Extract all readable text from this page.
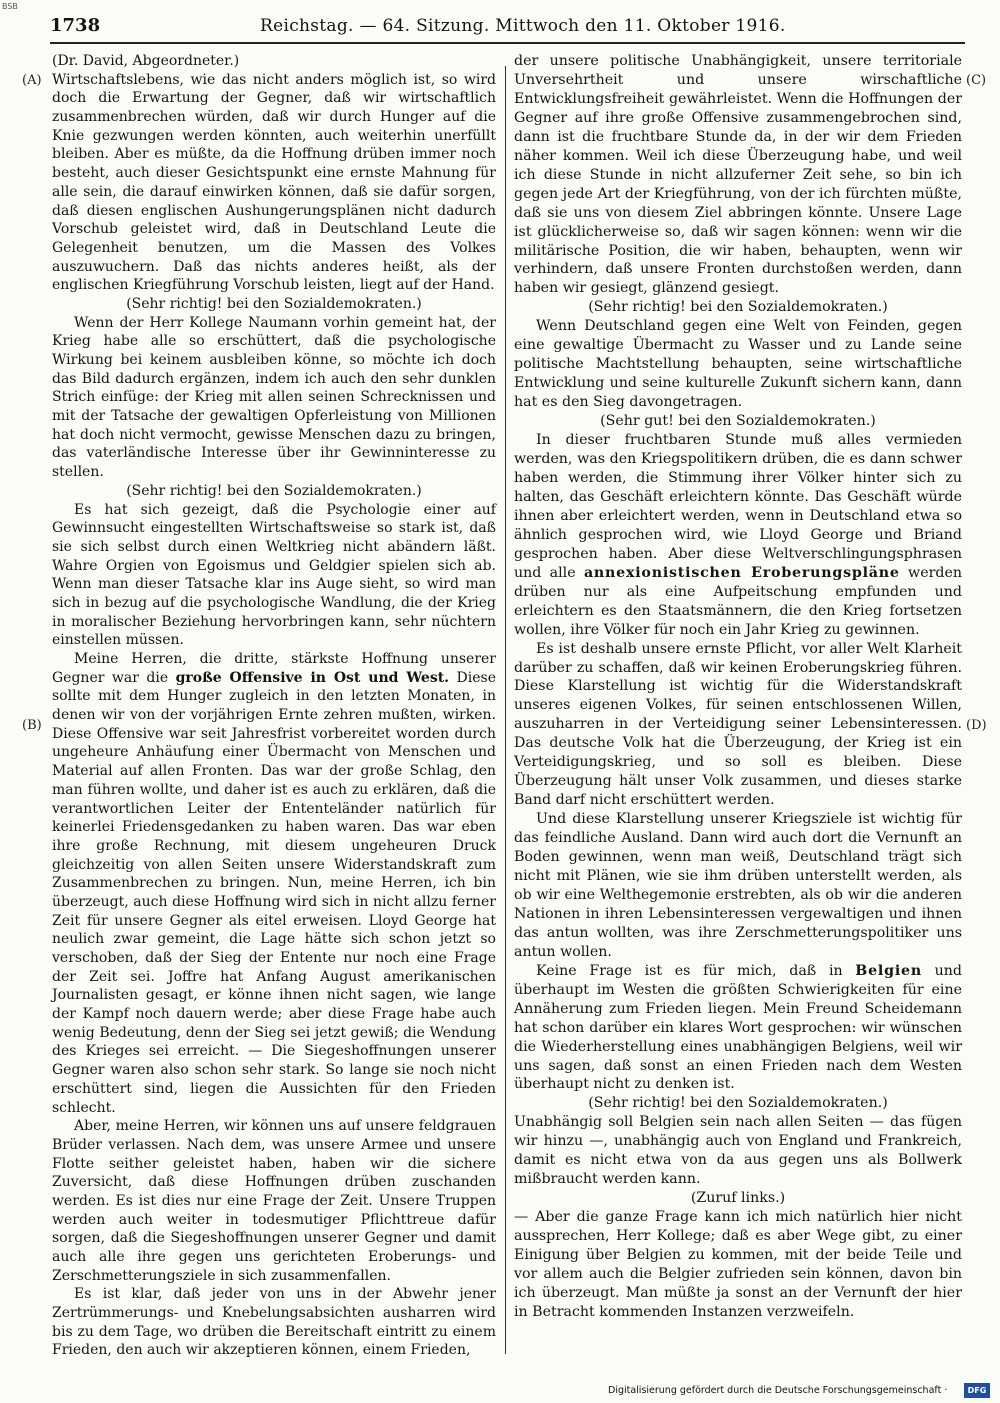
BSB
1738	Reichstag. — 64. Sitzung. Mittwoch den 11. Oktober 1916.
(A)
(B)
(C)
(D)
(Dr. David, Abgeordneter.)

Wirtschaftslebens, wie das nicht anders möglich ist, so wird doch die Erwartung der Gegner, daß wir wirtschaftlich zusammenbrechen würden, daß wir durch Hunger auf die Knie gezwungen werden könnten, auch weiterhin unerfüllt bleiben. Aber es müßte, da die Hoffnung drüben immer noch besteht, auch dieser Gesichtspunkt eine ernste Mahnung für alle sein, die darauf einwirken können, daß sie dafür sorgen, daß diesen englischen Aushungerungsplänen nicht dadurch Vorschub geleistet wird, daß in Deutschland Leute die Gelegenheit benutzen, um die Massen des Volkes auszuwuchern. Daß das nichts anderes heißt, als der englischen Kriegführung Vorschub leisten, liegt auf der Hand.

(Sehr richtig! bei den Sozialdemokraten.)

Wenn der Herr Kollege Naumann vorhin gemeint hat, der Krieg habe alle so erschüttert, daß die psychologische Wirkung bei keinem ausbleiben könne, so möchte ich doch das Bild dadurch ergänzen, indem ich auch den sehr dunklen Strich einfüge: der Krieg mit allen seinen Schrecknissen und mit der Tatsache der gewaltigen Opferleistung von Millionen hat doch nicht vermocht, gewisse Menschen dazu zu bringen, das vaterländische Interesse über ihr Gewinninteresse zu stellen.

(Sehr richtig! bei den Sozialdemokraten.)

Es hat sich gezeigt, daß die Psychologie einer auf Gewinnsucht eingestellten Wirtschaftsweise so stark ist, daß sie sich selbst durch einen Weltkrieg nicht abändern läßt. Wahre Orgien von Egoismus und Geldgier spielen sich ab. Wenn man dieser Tatsache klar ins Auge sieht, so wird man sich in bezug auf die psychologische Wandlung, die der Krieg in moralischer Beziehung hervorbringen kann, sehr nüchtern einstellen müssen.

Meine Herren, die dritte, stärkste Hoffnung unserer Gegner war die große Offensive in Ost und West. Diese sollte mit dem Hunger zugleich in den letzten Monaten, in denen wir von der vorjährigen Ernte zehren mußten, wirken. Diese Offensive war seit Jahresfrist vorbereitet worden durch ungeheure Anhäufung einer Übermacht von Menschen und Material auf allen Fronten. Das war der große Schlag, den man führen wollte, und daher ist es auch zu erklären, daß die verantwortlichen Leiter der Ententeländer natürlich für keinerlei Friedensgedanken zu haben waren. Das war eben ihre große Rechnung, mit diesem ungeheuren Druck gleichzeitig von allen Seiten unsere Widerstandskraft zum Zusammenbrechen zu bringen. Nun, meine Herren, ich bin überzeugt, auch diese Hoffnung wird sich in nicht allzu ferner Zeit für unsere Gegner als eitel erweisen. Lloyd George hat neulich zwar gemeint, die Lage hätte sich schon jetzt so verschoben, daß der Sieg der Entente nur noch eine Frage der Zeit sei. Joffre hat Anfang August amerikanischen Journalisten gesagt, er könne ihnen nicht sagen, wie lange der Kampf noch dauern werde; aber diese Frage habe auch wenig Bedeutung, denn der Sieg sei jetzt gewiß; die Wendung des Krieges sei erreicht. — Die Siegeshoffnungen unserer Gegner waren also schon sehr stark. So lange sie noch nicht erschüttert sind, liegen die Aussichten für den Frieden schlecht.

Aber, meine Herren, wir können uns auf unsere feldgrauen Brüder verlassen. Nach dem, was unsere Armee und unsere Flotte seither geleistet haben, haben wir die sichere Zuversicht, daß diese Hoffnungen drüben zuschanden werden. Es ist dies nur eine Frage der Zeit. Unsere Truppen werden auch weiter in todesmutiger Pflichttreue dafür sorgen, daß die Siegeshoffnungen unserer Gegner und damit auch alle ihre gegen uns gerichteten Eroberungs- und Zerschmetterungsziele in sich zusammenfallen.

Es ist klar, daß jeder von uns in der Abwehr jener Zertrümmerungs- und Knebelungsabsichten ausharren wird bis zu dem Tage, wo drüben die Bereitschaft eintritt zu einem Frieden, den auch wir akzeptieren können, einem Frieden,

der unsere politische Unabhängigkeit, unsere territoriale Unversehrtheit und unsere wirschaftliche Entwicklungsfreiheit gewährleistet. Wenn die Hoffnungen der Gegner auf ihre große Offensive zusammengebrochen sind, dann ist die fruchtbare Stunde da, in der wir dem Frieden näher kommen. Weil ich diese Überzeugung habe, und weil ich diese Stunde in nicht allzuferner Zeit sehe, so bin ich gegen jede Art der Kriegführung, von der ich fürchten müßte, daß sie uns von diesem Ziel abbringen könnte. Unsere Lage ist glücklicherweise so, daß wir sagen können: wenn wir die militärische Position, die wir haben, behaupten, wenn wir verhindern, daß unsere Fronten durchstoßen werden, dann haben wir gesiegt, glänzend gesiegt.

(Sehr richtig! bei den Sozialdemokraten.)

Wenn Deutschland gegen eine Welt von Feinden, gegen eine gewaltige Übermacht zu Wasser und zu Lande seine politische Machtstellung behaupten, seine wirtschaftliche Entwicklung und seine kulturelle Zukunft sichern kann, dann hat es den Sieg davongetragen.

(Sehr gut! bei den Sozialdemokraten.)

In dieser fruchtbaren Stunde muß alles vermieden werden, was den Kriegspolitikern drüben, die es dann schwer haben werden, die Stimmung ihrer Völker hinter sich zu halten, das Geschäft erleichtern könnte. Das Geschäft würde ihnen aber erleichtert werden, wenn in Deutschland etwa so ähnlich gesprochen wird, wie Lloyd George und Briand gesprochen haben. Aber diese Weltverschlingungsphrasen und alle annexionistischen Eroberungspläne werden drüben nur als eine Aufpeitschung empfunden und erleichtern es den Staatsmännern, die den Krieg fortsetzen wollen, ihre Völker für noch ein Jahr Krieg zu gewinnen.

Es ist deshalb unsere ernste Pflicht, vor aller Welt Klarheit darüber zu schaffen, daß wir keinen Eroberungskrieg führen. Diese Klarstellung ist wichtig für die Widerstandskraft unseres eigenen Volkes, für seinen entschlossenen Willen, auszuharren in der Verteidigung seiner Lebensinteressen. Das deutsche Volk hat die Überzeugung, der Krieg ist ein Verteidigungskrieg, und so soll es bleiben. Diese Überzeugung hält unser Volk zusammen, und dieses starke Band darf nicht erschüttert werden.

Und diese Klarstellung unserer Kriegsziele ist wichtig für das feindliche Ausland. Dann wird auch dort die Vernunft an Boden gewinnen, wenn man weiß, Deutschland trägt sich nicht mit Plänen, wie sie ihm drüben unterstellt werden, als ob wir eine Welthegemonie erstrebten, als ob wir die anderen Nationen in ihren Lebensinteressen vergewaltigen und ihnen das antun wollten, was ihre Zerschmetterungspolitiker uns antun wollen.

Keine Frage ist es für mich, daß in Belgien und überhaupt im Westen die größten Schwierigkeiten für eine Annäherung zum Frieden liegen. Mein Freund Scheidemann hat schon darüber ein klares Wort gesprochen: wir wünschen die Wiederherstellung eines unabhängigen Belgiens, weil wir uns sagen, daß sonst an einen Frieden nach dem Westen überhaupt nicht zu denken ist.

(Sehr richtig! bei den Sozialdemokraten.)

Unabhängig soll Belgien sein nach allen Seiten — das fügen wir hinzu —, unabhängig auch von England und Frankreich, damit es nicht etwa von da aus gegen uns als Bollwerk mißbraucht werden kann.

(Zuruf links.)

— Aber die ganze Frage kann ich mich natürlich hier nicht aussprechen, Herr Kollege; daß es aber Wege gibt, zu einer Einigung über Belgien zu kommen, mit der beide Teile und vor allem auch die Belgier zufrieden sein können, davon bin ich überzeugt. Man müßte ja sonst an der Vernunft der hier in Betracht kommenden Instanzen verzweifeln.

Digitalisierung gefördert durch die Deutsche Forschungsgemeinschaft ·	DFG
